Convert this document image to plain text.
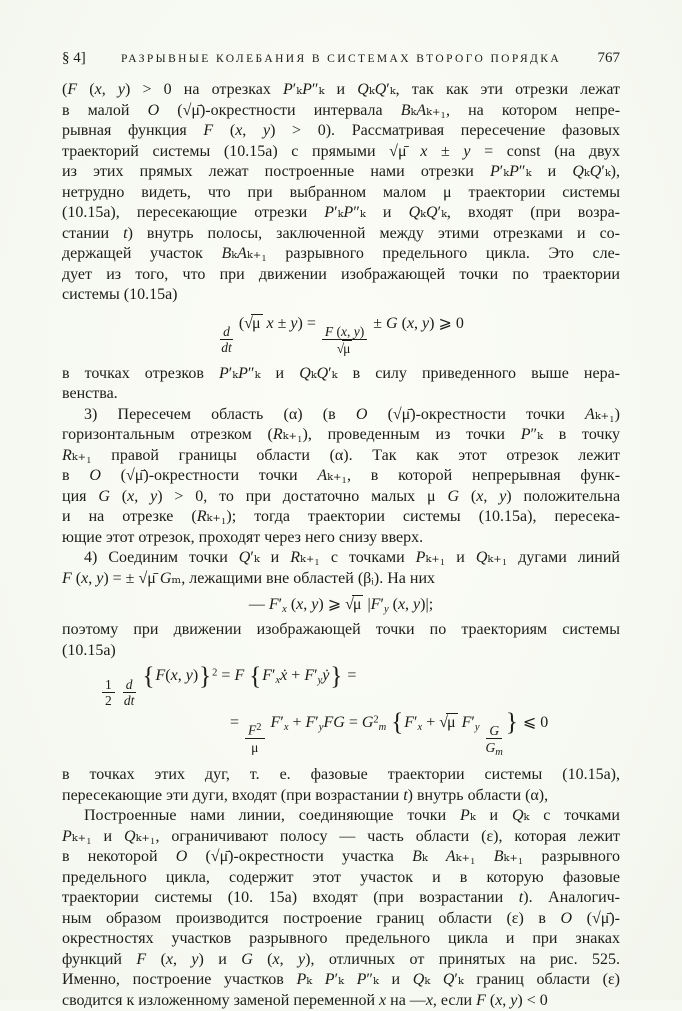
§ 4]	РАЗРЫВНЫЕ КОЛЕБАНИЯ В СИСТЕМАХ ВТОРОГО ПОРЯДКА 767
(F (x, y) > 0 на отрезках P′ₖP″ₖ и QₖQ′ₖ, так как эти отрезки лежат
в малой O (√μ̄)-окрестности интервала BₖAₖ₊₁, на котором непре-
рывная функция F (x, y) > 0). Рассматривая пересечение фазовых
траекторий системы (10.15а) с прямыми √μ̄ x ± y = const (на двух
из этих прямых лежат построенные нами отрезки P′ₖP″ₖ и QₖQ′ₖ),
нетрудно видеть, что при выбранном малом μ траектории системы
(10.15а), пересекающие отрезки P′ₖP″ₖ и QₖQ′ₖ, входят (при возра-
стании t) внутрь полосы, заключенной между этими отрезками и со-
держащей участок BₖAₖ₊₁ разрывного предельного цикла. Это сле-
дует из того, что при движении изображающей точки по траектории
системы (10.15а)
$\frac{d}{dt}$
(√μ x ± y) =
$\frac{F (x, y)}{√\mu}$
± G (x, y) ⩾ 0
в точках отрезков P′ₖP″ₖ и QₖQ′ₖ в силу приведенного выше нера-
венства.
3) Пересечем область (α) (в O (√μ̄)-окрестности точки Aₖ₊₁)
горизонтальным отрезком (Rₖ₊₁), проведенным из точки P″ₖ в точку
Rₖ₊₁ правой границы области (α). Так как этот отрезок лежит
в O (√μ̄)-окрестности точки Aₖ₊₁, в которой непрерывная функ-
ция G (x, y) > 0, то при достаточно малых μ G (x, y) положительна
и на отрезке (Rₖ₊₁); тогда траектории системы (10.15а), пересека-
ющие этот отрезок, проходят через него снизу вверх.
4) Соединим точки Q′ₖ и Rₖ₊₁ с точками Pₖ₊₁ и Qₖ₊₁ дугами линий
F (x, y) = ± √μ̄ Gₘ, лежащими вне областей (βᵢ). На них
— $F'_x$ (x, y) ⩾ √μ $|F'_y$ (x, y)|;
поэтому при движении изображающей точки по траекториям системы
(10.15а)
$\frac{1}{2}$
$\frac{d}{dt}$
{F(x, y)}$^2$ = F {$F'_xẋ$ + $F'_yẏ$} =
=
$\frac{F^2}{\mu}$
$F'_x + F'_yFG = G^2_m$ {$F'_x + √\mu$ $F'_y \frac{G}{G_m}$
} ⩽ 0
в точках этих дуг, т. е. фазовые траектории системы (10.15а),
пересекающие эти дуги, входят (при возрастании t) внутрь области (α),
Построенные нами линии, соединяющие точки Pₖ и Qₖ с точками
Pₖ₊₁ и Qₖ₊₁, ограничивают полосу — часть области (ε), которая лежит
в некоторой O (√μ̄)-окрестности участка Bₖ Aₖ₊₁ Bₖ₊₁ разрывного
предельного цикла, содержит этот участок и в которую фазовые
траектории системы (10. 15а) входят (при возрастании t). Аналогич-
ным образом производится построение границ области (ε) в O (√μ̄)-
окрестностях участков разрывного предельного цикла и при знаках
функций F (x, y) и G (x, y), отличных от принятых на рис. 525.
Именно, построение участков Pₖ P′ₖ P″ₖ и Qₖ Q′ₖ границ области (ε)
сводится к изложенному заменой переменной x на —x, если F (x, y) < 0
